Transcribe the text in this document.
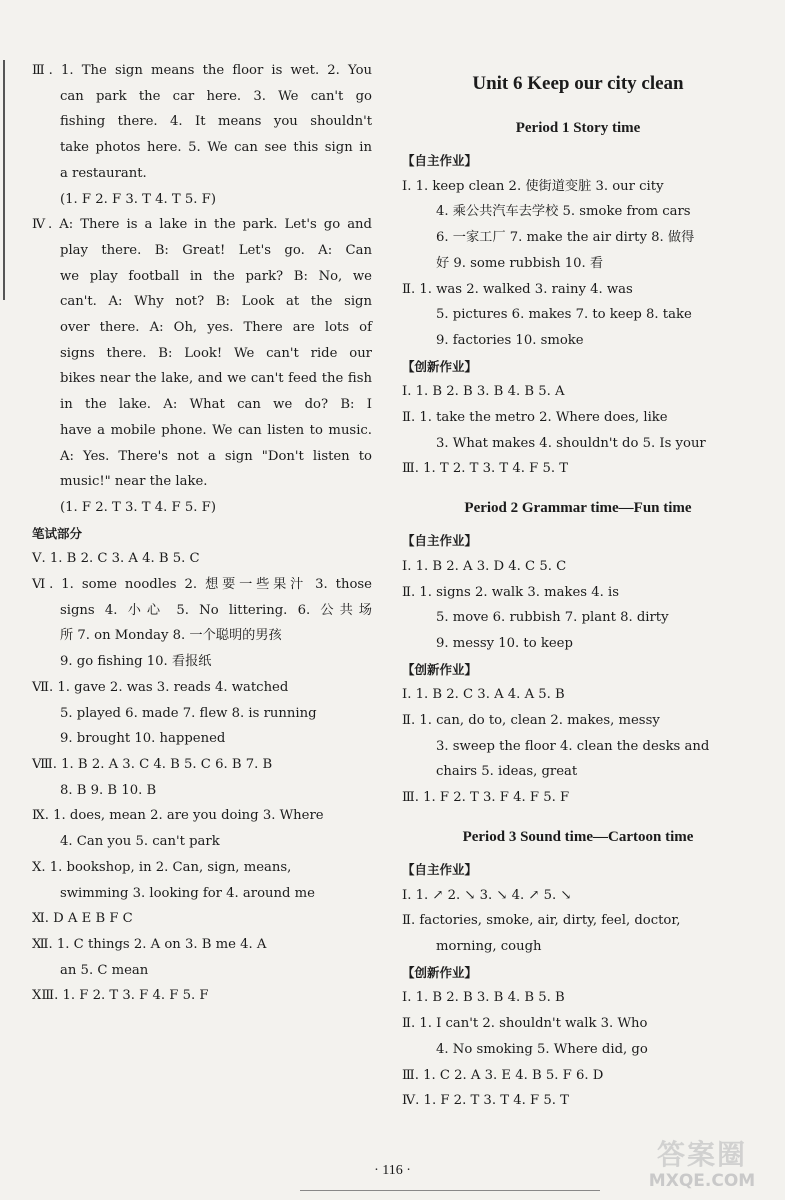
Ⅲ. 1. The sign means the floor is wet. 2. You
can park the car here. 3. We can't go
fishing there. 4. It means you shouldn't
take photos here. 5. We can see this sign in
a restaurant.
(1. F 2. F 3. T 4. T 5. F)
Ⅳ. A: There is a lake in the park. Let's go and
play there. B: Great! Let's go. A: Can
we play football in the park? B: No, we
can't. A: Why not? B: Look at the sign
over there. A: Oh, yes. There are lots of
signs there. B: Look! We can't ride our
bikes near the lake, and we can't feed the fish
in the lake. A: What can we do? B: I
have a mobile phone. We can listen to music.
A: Yes. There's not a sign "Don't listen to
music!" near the lake.
(1. F 2. T 3. T 4. F 5. F)
笔试部分
Ⅴ. 1. B 2. C 3. A 4. B 5. C
Ⅵ. 1. some noodles 2. 想要一些果汁 3. those
signs 4. 小心 5. No littering. 6. 公共场
所 7. on Monday 8. 一个聪明的男孩
9. go fishing 10. 看报纸
Ⅶ. 1. gave 2. was 3. reads 4. watched
5. played 6. made 7. flew 8. is running
9. brought 10. happened
Ⅷ. 1. B 2. A 3. C 4. B 5. C 6. B 7. B
8. B 9. B 10. B
Ⅸ. 1. does, mean 2. are you doing 3. Where
4. Can you 5. can't park
Ⅹ. 1. bookshop, in 2. Can, sign, means,
swimming 3. looking for 4. around me
Ⅺ. D A E B F C
Ⅻ. 1. C things 2. A on 3. B me 4. A
an 5. C mean
ⅩⅢ. 1. F 2. T 3. F 4. F 5. F
Unit 6 Keep our city clean
Period 1 Story time
【自主作业】
Ⅰ. 1. keep clean 2. 使街道变脏 3. our city
4. 乘公共汽车去学校 5. smoke from cars
6. 一家工厂 7. make the air dirty 8. 做得
好 9. some rubbish 10. 看
Ⅱ. 1. was 2. walked 3. rainy 4. was
5. pictures 6. makes 7. to keep 8. take
9. factories 10. smoke
【创新作业】
Ⅰ. 1. B 2. B 3. B 4. B 5. A
Ⅱ. 1. take the metro 2. Where does, like
3. What makes 4. shouldn't do 5. Is your
Ⅲ. 1. T 2. T 3. T 4. F 5. T
Period 2 Grammar time—Fun time
【自主作业】
Ⅰ. 1. B 2. A 3. D 4. C 5. C
Ⅱ. 1. signs 2. walk 3. makes 4. is
5. move 6. rubbish 7. plant 8. dirty
9. messy 10. to keep
【创新作业】
Ⅰ. 1. B 2. C 3. A 4. A 5. B
Ⅱ. 1. can, do to, clean 2. makes, messy
3. sweep the floor 4. clean the desks and
chairs 5. ideas, great
Ⅲ. 1. F 2. T 3. F 4. F 5. F
Period 3 Sound time—Cartoon time
【自主作业】
Ⅰ. 1. ↗ 2. ↘ 3. ↘ 4. ↗ 5. ↘
Ⅱ. factories, smoke, air, dirty, feel, doctor,
morning, cough
【创新作业】
Ⅰ. 1. B 2. B 3. B 4. B 5. B
Ⅱ. 1. I can't 2. shouldn't walk 3. Who
4. No smoking 5. Where did, go
Ⅲ. 1. C 2. A 3. E 4. B 5. F 6. D
Ⅳ. 1. F 2. T 3. T 4. F 5. T
· 116 ·	答案圈
MXQE.COM
